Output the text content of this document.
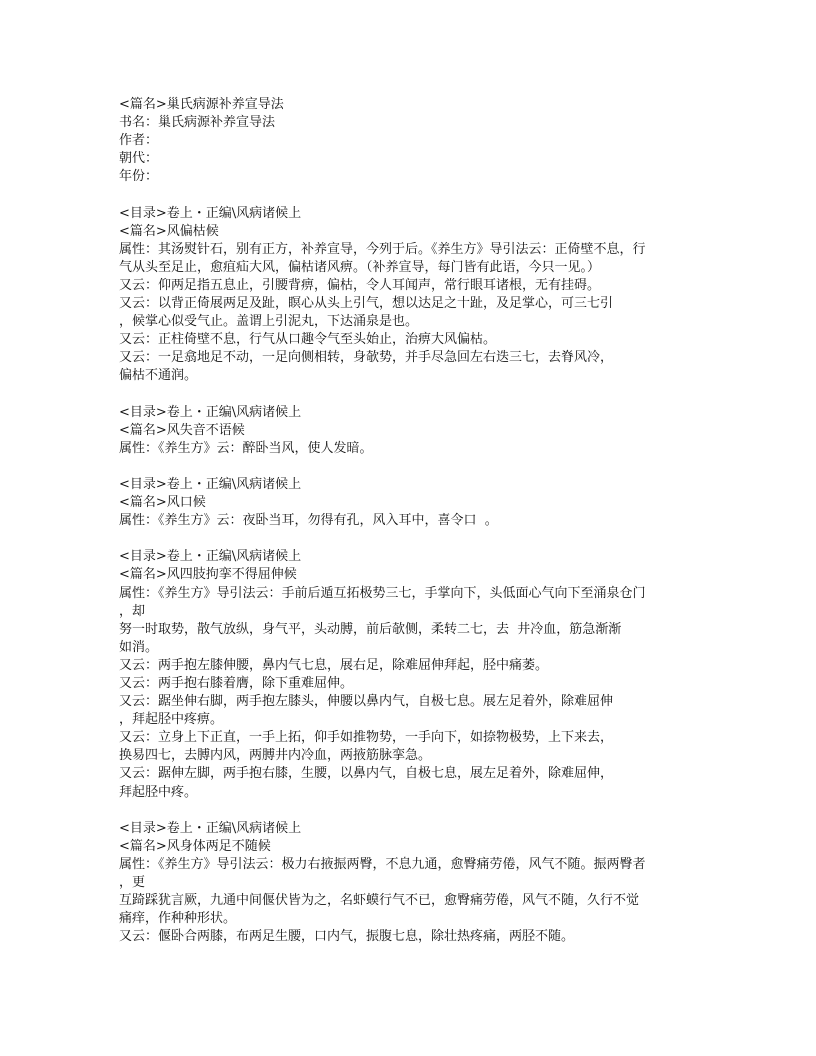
<篇名>巢氏病源补养宣导法
书名：巢氏病源补养宣导法
作者：
朝代：
年份：
<目录>卷上・正编\风病诸候上
<篇名>风偏枯候
属性：其汤熨针石，别有正方，补养宣导，今列于后。《养生方》导引法云：正倚壁不息，行
气从头至足止，愈疽疝大风，偏枯诸风痹。（补养宣导，每门皆有此语，今只一见。）
又云：仰两足指五息止，引腰背痹，偏枯，令人耳闻声，常行眼耳诸根，无有挂碍。
又云：以背正倚展两足及趾，瞑心从头上引气，想以达足之十趾，及足掌心，可三七引
，候掌心似受气止。盖谓上引泥丸，下达涌泉是也。
又云：正柱倚壁不息，行气从口趣令气至头始止，治痹大风偏枯。
又云：一足翕地足不动，一足向侧相转，身欹势，并手尽急回左右迭三七，去脊风冷，
偏枯不通润。
<目录>卷上・正编\风病诸候上
<篇名>风失音不语候
属性：《养生方》云：醉卧当风，使人发暗。
<目录>卷上・正编\风病诸候上
<篇名>风口候
属性：《养生方》云：夜卧当耳，勿得有孔，风入耳中，喜令口  。
<目录>卷上・正编\风病诸候上
<篇名>风四肢拘挛不得屈伸候
属性：《养生方》导引法云：手前后遁互拓极势三七，手掌向下，头低面心气向下至涌泉仓门
，却
努一时取势，散气放纵，身气平，头动膊，前后欹侧，柔转二七，去  井冷血，筋急渐渐
如消。
又云：两手抱左膝伸腰，鼻内气七息，展右足，除难屈伸拜起，胫中痛萎。
又云：两手抱右膝着膺，除下重难屈伸。
又云：踞坐伸右脚，两手抱左膝头，伸腰以鼻内气，自极七息。展左足着外，除难屈伸
，拜起胫中疼痹。
又云：立身上下正直，一手上拓，仰手如推物势，一手向下，如捺物极势，上下来去，
换易四七，去膊内风，两膊井内冷血，两掖筋脉挛急。
又云：踞伸左脚，两手抱右膝，生腰，以鼻内气，自极七息，展左足着外，除难屈伸，
拜起胫中疼。
<目录>卷上・正编\风病诸候上
<篇名>风身体两足不随候
属性：《养生方》导引法云：极力右掖振两臀，不息九通，愈臀痛劳倦，风气不随。振两臀者
，更
互踦踩犹言厥，九通中间偃伏皆为之，名虾蟆行气不已，愈臀痛劳倦，风气不随，久行不觉
痛痒，作种种形状。
又云：偃卧合两膝，布两足生腰，口内气，振腹七息，除壮热疼痛，两胫不随。
